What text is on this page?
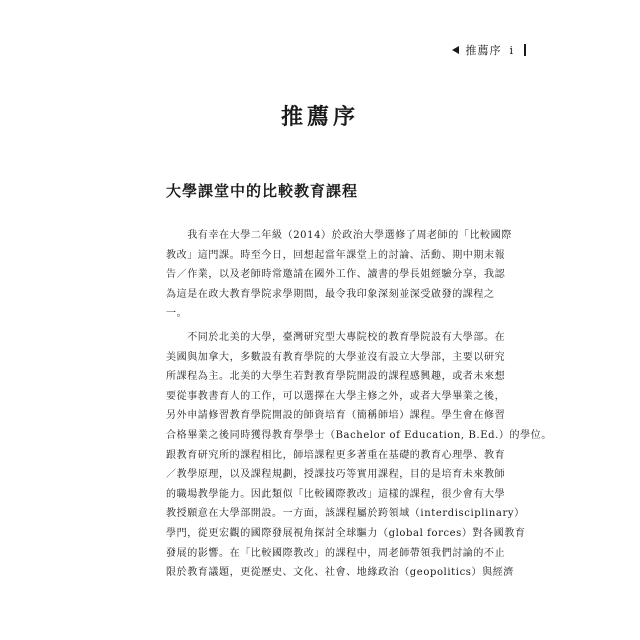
推薦序 i
推薦序
大學課堂中的比較教育課程

　　我有幸在大學二年級（2014）於政治大學選修了周老師的「比較國際
教改」這門課。時至今日，回想起當年課堂上的討論、活動、期中期末報
告／作業，以及老師時常邀請在國外工作、讀書的學長姐經驗分享，我認
為這是在政大教育學院求學期間，最令我印象深刻並深受啟發的課程之
一。

　　不同於北美的大學，臺灣研究型大專院校的教育學院設有大學部。在
美國與加拿大，多數設有教育學院的大學並沒有設立大學部，主要以研究
所課程為主。北美的大學生若對教育學院開設的課程感興趣，或者未來想
要從事教書育人的工作，可以選擇在大學主修之外，或者大學畢業之後，
另外申請修習教育學院開設的師資培育（簡稱師培）課程。學生會在修習
合格畢業之後同時獲得教育學學士（Bachelor of Education, B.Ed.）的學位。
跟教育研究所的課程相比，師培課程更多著重在基礎的教育心理學、教育
／教學原理，以及課程規劃，授課技巧等實用課程，目的是培育未來教師
的職場教學能力。因此類似「比較國際教改」這樣的課程，很少會有大學
教授願意在大學部開設。一方面，該課程屬於跨領域（interdisciplinary）
學門，從更宏觀的國際發展視角探討全球驅力（global forces）對各國教育
發展的影響。在「比較國際教改」的課程中，周老師帶領我們討論的不止
限於教育議題，更從歷史、文化、社會、地緣政治（geopolitics）與經濟
